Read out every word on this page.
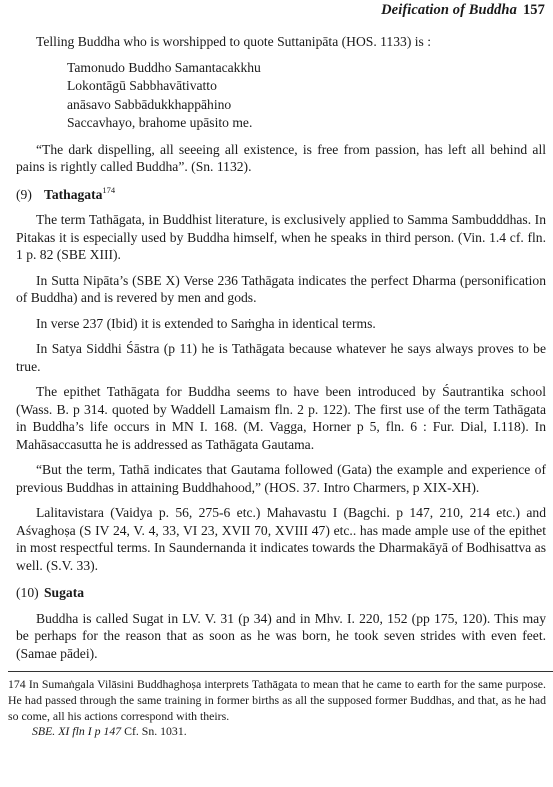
Deification of Buddha 157

Telling Buddha who is worshipped to quote Suttanipāta (HOS. 1133) is :

Tamonudo Buddho Samantacakkhu
Lokontāgū Sabbhavātivatto
anāsavo Sabbādukkhappāhino
Saccavhayo, brahome upāsito me.

“The dark dispelling, all seeeing all existence, is free from passion, has left all behind all pains is rightly called Buddha”. (Sn. 1132).

(9) Tathagata$^{174}$

The term Tathāgata, in Buddhist literature, is exclusively applied to Samma Sambudddhas. In Pitakas it is especially used by Buddha himself, when he speaks in third person. (Vin. 1.4 cf. fln. 1 p. 82 (SBE XIII).

In Sutta Nipāta’s (SBE X) Verse 236 Tathāgata indicates the perfect Dharma (personification of Buddha) and is revered by men and gods.

In verse 237 (Ibid) it is extended to Saṁgha in identical terms.

In Satya Siddhi Śāstra (p 11) he is Tathāgata because whatever he says always proves to be true.

The epithet Tathāgata for Buddha seems to have been introduced by Śautrantika school (Wass. B. p 314. quoted by Waddell Lamaism fln. 2 p. 122). The first use of the term Tathāgata in Buddha’s life occurs in MN I. 168. (M. Vagga, Horner p 5, fln. 6 : Fur. Dial, I.118). In Mahāsaccasutta he is addressed as Tathāgata Gautama.

“But the term, Tathā indicates that Gautama followed (Gata) the example and experience of previous Buddhas in attaining Buddhahood,” (HOS. 37. Intro Charmers, p XIX-XH).

Lalitavistara (Vaidya p. 56, 275-6 etc.) Mahavastu I (Bagchi. p 147, 210, 214 etc.) and Aśvaghoṣa (S IV 24, V. 4, 33, VI 23, XVII 70, XVIII 47) etc.. has made ample use of the epithet in most respectful terms. In Saundernanda it indicates towards the Dharmakāyā of Bodhisattva as well. (S.V. 33).

(10) Sugata

Buddha is called Sugat in LV. V. 31 (p 34) and in Mhv. I. 220, 152 (pp 175, 120). This may be perhaps for the reason that as soon as he was born, he took seven strides with even feet. (Samae pādei).

174 In Sumaṅgala Vilāsini Buddhaghoṣa interprets Tathāgata to mean that he came to earth for the same purpose. He had passed through the same training in former births as all the supposed former Buddhas, and that, as he had so come, all his actions correspond with theirs.
SBE. XI fln I p 147 Cf. Sn. 1031.
